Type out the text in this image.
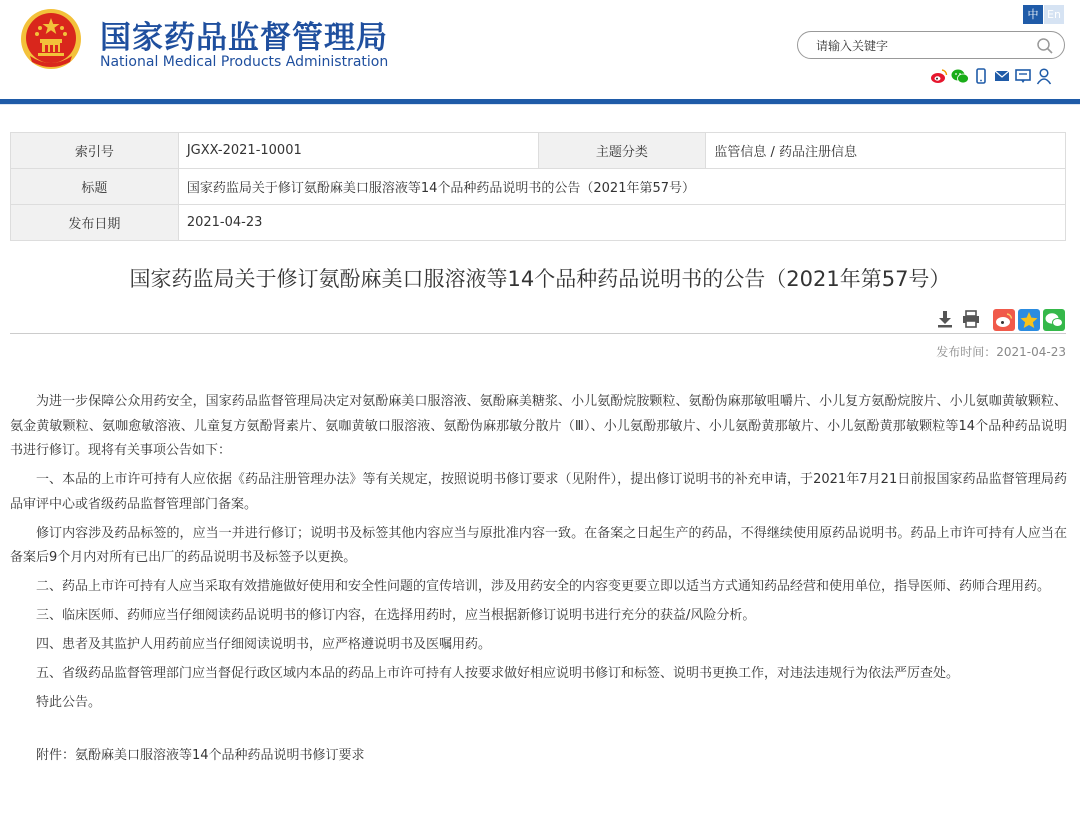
国家药品监督管理局
National Medical Products Administration
中 En
请输入关键字
索引号	JGXX-2021-10001	主题分类	监管信息 / 药品注册信息
标题	国家药监局关于修订氨酚麻美口服溶液等14个品种药品说明书的公告（2021年第57号）		
发布日期	2021-04-23		
国家药监局关于修订氨酚麻美口服溶液等14个品种药品说明书的公告（2021年第57号）
发布时间：2021-04-23

为进一步保障公众用药安全，国家药品监督管理局决定对氨酚麻美口服溶液、氨酚麻美糖浆、小儿氨酚烷胺颗粒、氨酚伪麻那敏咀嚼片、小儿复方氨酚烷胺片、小儿氨咖黄敏颗粒、氨金黄敏颗粒、氨咖愈敏溶液、儿童复方氨酚肾素片、氨咖黄敏口服溶液、氨酚伪麻那敏分散片（Ⅲ）、小儿氨酚那敏片、小儿氨酚黄那敏片、小儿氨酚黄那敏颗粒等14个品种药品说明书进行修订。现将有关事项公告如下：

一、本品的上市许可持有人应依据《药品注册管理办法》等有关规定，按照说明书修订要求（见附件），提出修订说明书的补充申请，于2021年7月21日前报国家药品监督管理局药品审评中心或省级药品监督管理部门备案。

修订内容涉及药品标签的，应当一并进行修订；说明书及标签其他内容应当与原批准内容一致。在备案之日起生产的药品，不得继续使用原药品说明书。药品上市许可持有人应当在备案后9个月内对所有已出厂的药品说明书及标签予以更换。

二、药品上市许可持有人应当采取有效措施做好使用和安全性问题的宣传培训，涉及用药安全的内容变更要立即以适当方式通知药品经营和使用单位，指导医师、药师合理用药。

三、临床医师、药师应当仔细阅读药品说明书的修订内容，在选择用药时，应当根据新修订说明书进行充分的获益/风险分析。

四、患者及其监护人用药前应当仔细阅读说明书，应严格遵说明书及医嘱用药。

五、省级药品监督管理部门应当督促行政区域内本品的药品上市许可持有人按要求做好相应说明书修订和标签、说明书更换工作，对违法违规行为依法严厉查处。

特此公告。

附件：氨酚麻美口服溶液等14个品种药品说明书修订要求
